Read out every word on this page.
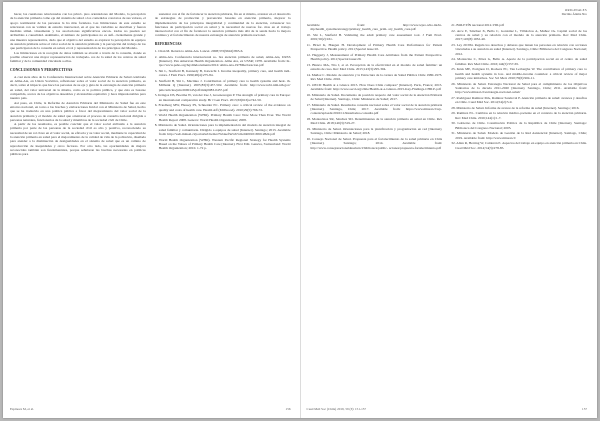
hacer, las cuestiones relacionadas con los princi- pios orientadores del Modelo, la percepción de la atención primaria como eje del sistema de salud o los contenidos concretos de sus valores, el apoyo testimonial de las personas la ha más fortaleza. Las limitaciones de este estudio se relacionan con su validez de estudio transversal, en el que las variables se describen y fueron medidas simul- táneamente y las asociaciones significativas encon- tradas no pueden ser atribuibles a causalidad. Asimismo, el número de participantes no es sufi- cientemente grande y una muestra representativa, dado que el objetivo del estudio es explorar la percepción de equipos de atención primaria sobre el valor social de la atención primaria y la percepción del trabajo de los que participaron de la consulta en salud, el rol y representación de los principios del Modelo.

Las limitaciones en la recogida de datos también se abordó a través de la consulta, donde es posible observar una mayor representación de trabajado- res de la salud de los centros de salud familiar y de la comunidad vinculada a ellos.

CONCLUSIONES Y PERSPECTIVAS

A casi siete años de la Conferencia Internacional sobre Atención Primaria de Salud celebrada en Alma-Ata, en Unión Soviética, reflexionar sobre el valor social de la atención primaria, es decir, sobre el impacto que hace las personas de su eje y guía de la estrategia de atención primaria en salud, del valor universal de la misma, como es la política pública, y que ésta es basarse compartida, acerca de los objetivos deseables y alcanzables equitativo y hace impresionables para nuestro país.

Así pues, en Chile, la Reforma de Atención Primaria del Ministerio de Salud fue en este entorno nacional, en torno a las brechas y elaboraciones Inicial con el Ministerio de Salud, hecho que se ha traducido en una política pública a favor del mejoramiento del valor social de la atención primaria y el modelo de salud que orientaron el proceso de consulta nacional dirigida a personas naturales, funcionarios de la salud y miembros de la sociedad civil de Chile.

A partir de los resultados, es posible concluir que el valor social atribuido a la atención primaria por parte de las personas de la sociedad civil es alto y positivo, reconociendo su necesidad de un rol clave en el valor social, su eficacia y su valor social, mediante la capacidad de la atención primaria en salud para el mejoramiento de la calidad de vida de la población, diseñada para atender a la disminución de desigualdades en el sistema de salud que es un camino de reproducción de inequidades y otros factores. Por otro lado, las oportunidades de mejora reconocidas también son fundamentales, porque señalaron las brechas necesarias en políticas públicas para

sustentar con el fin de fortalecer la atención primaria, fin en sí mismo, avanzar en el desarrollo de estrategias de promoción y prevención basadas en atención primaria, mejorar la implementación de los principios integralidad y continuidad de la atención, robustecer los funciones de participación social en salud y la necesidad de nuevas for- mas en el trabajo intersectorial con el fin de fortalecer la atención primaria más allá de la senda hacia la mejora continua y el fortalecimiento de nuestra estrategia de atención primaria nacional.

REFERENCIAS

1. Chan M. Return to Alma-Ata. Lancet. 2008;372(9642):865-6.

2. Alma-Ata. Conferencia internacional so- bre atención primaria de salud, Alma-Ata, URSS [Internet]. Pan American Health Organization. Alma Ata, ex USSR; 1978. Available from: ht- tps://www.paho.org/hq/dmdocuments/2012/ Alma-Ata-1978Declaracion.pdf

3. Shi L, Starfield B, Kennedy B, Kawachi I. Income inequality, primary care, and health indi- cators. J Fam Pract. 1999;48(4):275-84.

4. Starfield B, Shi L, Macinko J. Contribution of primary care to health systems and heal- th. Milbank Q [Internet]. 2005;83(3):457-502. Available from: http://www.ncbi.nlm.nih.gov/ pmc/articles/pmc2690145/pdf/milq0083-0457.pdf

5. Kringos DS, Boerma W, van der Zee J, Groenewegen P. The strength of primary care in Europe: an international comparative study. Br J Gen Pract. 2013;63(616):e742-50.

6. Friedberg MW, Hussey PS, Schneider EC. Primary care: a critical review of the evidence on quality and costs of health care. Health Aff (Millwood). 2010;29(5):766-72.

7. World Health Organization (WHO). Primary Health Care: Now More Than Ever. The World Health Report 2008. Geneva: World Health Organization; 2008.

8. Ministerio de Salud. Orientaciones para la implementación del modelo de atención integral de salud familiar y comunitaria. Dirigido a equipos de salud [Internet]. Santiago; 2013. Available from: http://web.minsal.cl/portal/url/item/e7b24eef3e5cb5d1e0400101650128e9.pdf

9. World Health Organization (WHO). Western Pacific Regional Strategy for Health Systems Based on the Values of Primary Health Care [Internet]. First Edit. Geneva, Switzerland: World Health Organization; 2010. 1-72 p.

Espinoza M, et al.	156
ORIGINALES
Décimo Ánima Nro

Available from: http://www.wpro.who.int/in- mp/health_systems/strategy/primary_health_care_prim- ary_health_care.pdf

10. Shi L, Starfield B. Validating the adult primary care assessment tool. J Fam Pract. 2001;50(2):161.

11. Hrzel K, Haugen H. Development of Primary Health Care Performance for Patient Perspective. Health policy. 2011;Special issue:10.

12. Haggerty J, Measurement of Primary Health Care Attributes from the Patient Perspective. Health policy. 2011;Special issue:29.

13. Blanco MA, Tito J, et al. Percepción de la efectividad en el modelo de salud familiar: un estudio de caso. Rev Med Chile. 2015;143(3):295-304.

14. Muñoz C. Modelo de atención y la Estructura de la cartera de Salud Pública Chile 1980-1973. Rev Med Chile. 2016.

15. OECD Health at a Glance 2015. How Does Chile compare? [Internet]. Paris, France; 2015. Available from: http://www.oecd.org/chile/Health-at-a-Glance-2015-Key-Findings-CHILE.pdf

16. Ministerio de Salud. Documento de posición respecto del valor social de la Atención Primaria de Salud [Internet]. Santiago, Chile: Ministerio de Salud; 2017.

17. Ministerio de Salud. Resultados consulta nacional sobre el valor social de la atención primaria [Internet]. Santiago, Chile; 2017. Available from: https://www.minsal.cl/wp-content/uploads/2016/11/Resultados-consulta.pdf

18. Montecinos SR, Sánchez SD. Determinantes de la atención primaria en salud en Chile. Rev Med Chile. 2018;146(3):319-27.

19. Ministerio de Salud. Orientaciones para la planificación y programación en red [Internet]. Santiago, Chile: Ministerio de Salud; 2018.

20. Consejo Nacional de Salud. Propuesta para el fortalecimiento de la salud primaria en Chile [Internet]. Santiago; 2014. Available from: http://www.consejonacionaldesalud.cl/biblioteca/public- aciones/propuesta-fortalecimiento.pdf

21. BOLETÍN nacional 2012-VIII.pdf

22. Arce E, Sánchez X, Bello C, González L, Villalobos A, Muñoz JA. Capital social de los centros de salud y su relación con el modelo de la atención primaria. Rev Med Chile. 2017;145(8):1032-40.

23. Ley 20.584. Regula los derechos y deberes que tienen las personas en relación con acciones vinculadas a su atención en salud [Internet]. Santiago, Chile: Biblioteca del Congreso Nacional; 2012.

24. Montecino C, Pérez G, Bello A. Aporte de la participación social en el centro de salud familiar. Rev Med Chile. 2016;144(5):557-65.

25. Kruk ME, Porignon D, Rockers PC, Van Lerberghe W. The contribution of primary care to health and health systems in low- and middle-income countries: a critical review of major primary care initiatives. Soc Sci Med. 2010;70(6):904-11.

26. Ministerio de Salud. Estrategia Nacional de Salud para el cumplimiento de los Objetivos Sanitarios de la década 2011-2020 [Internet]. Santiago, Chile; 2011. Available from: http://www.minsal.cl/estrategia-nacional-salud/

27. Rodríguez Ramírez MA, Ramírez Sandoval P. Atención primaria de salud: avances y desafíos en Chile. Cuad Méd Soc. 2014;54(2):5-9.

28. Ministerio de Salud. Informe de avance de la reforma de salud [Internet]. Santiago; 2016.

29. Ramírez EL. Cambios en la relación médico-paciente en el contexto de la atención primaria. Rev Med Chile. 2016;144(1):1-7.

30. Gobierno de Chile. Constitución Política de la República de Chile [Internet]. Santiago: Biblioteca del Congreso Nacional; 2005.

31. Ministerio de Salud. Modelo de Gestión de la Red Asistencial [Internet]. Santiago, Chile; 2019. Available from: http://www.minsal.cl/

32. Allen R, Herring W, Calderón E. Aspectos del trabajo en equipo en atención primaria en Chile. Cuad Méd Soc. 2014;54(3):278-85.

Cuad Méd Soc (Chile) 2019, 59 (3): 151-157	157
